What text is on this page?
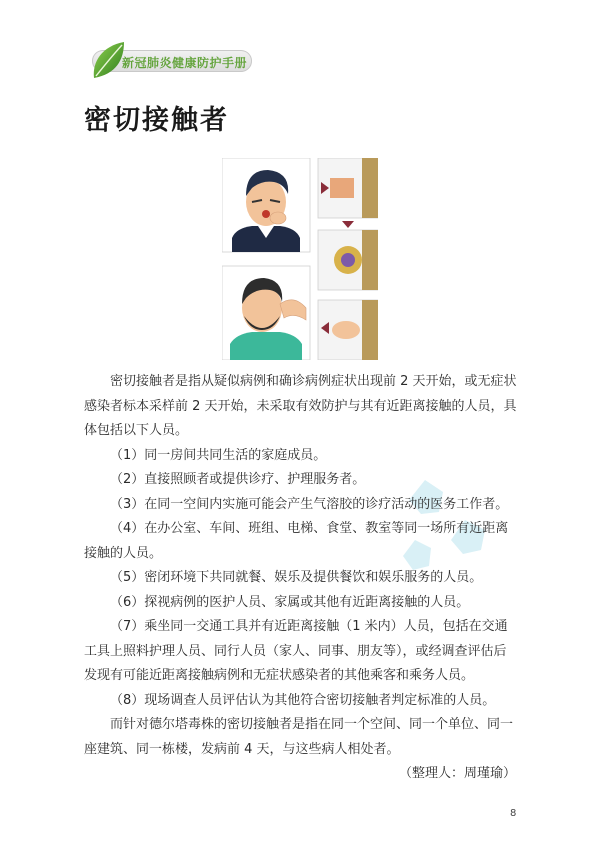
新冠肺炎健康防护手册
密切接触者

密切接触者是指从疑似病例和确诊病例症状出现前 2 天开始，或无症状感染者标本采样前 2 天开始，未采取有效防护与其有近距离接触的人员，具体包括以下人员。

（1）同一房间共同生活的家庭成员。

（2）直接照顾者或提供诊疗、护理服务者。

（3）在同一空间内实施可能会产生气溶胶的诊疗活动的医务工作者。

（4）在办公室、车间、班组、电梯、食堂、教室等同一场所有近距离接触的人员。

（5）密闭环境下共同就餐、娱乐及提供餐饮和娱乐服务的人员。

（6）探视病例的医护人员、家属或其他有近距离接触的人员。

（7）乘坐同一交通工具并有近距离接触（1 米内）人员，包括在交通工具上照料护理人员、同行人员（家人、同事、朋友等），或经调查评估后发现有可能近距离接触病例和无症状感染者的其他乘客和乘务人员。

（8）现场调查人员评估认为其他符合密切接触者判定标准的人员。

而针对德尔塔毒株的密切接触者是指在同一个空间、同一个单位、同一座建筑、同一栋楼，发病前 4 天，与这些病人相处者。

（整理人：周瑾瑜）
8
